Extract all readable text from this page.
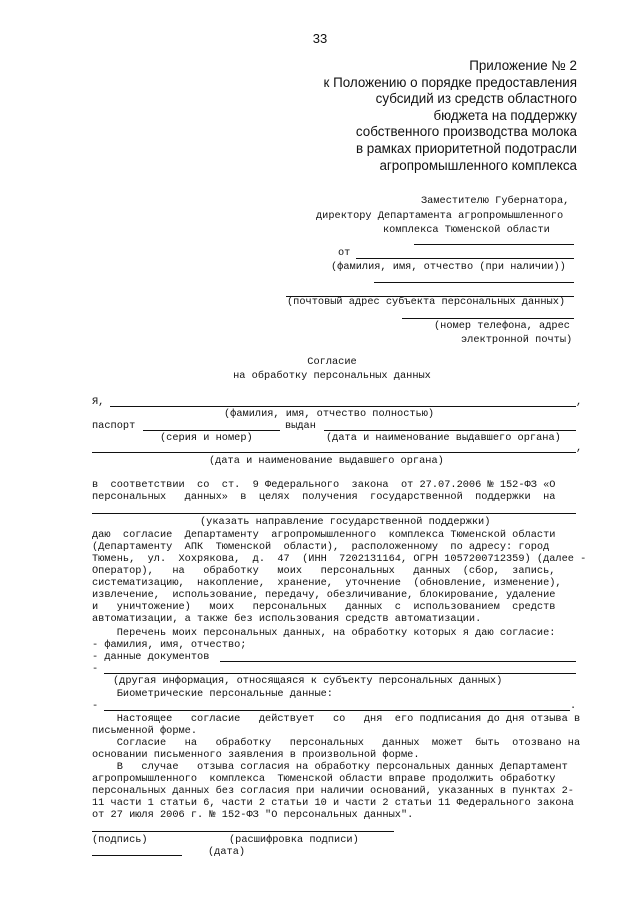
33
Приложение № 2
к Положению о порядке предоставления
субсидий из средств областного
бюджета на поддержку
собственного производства молока
в рамках приоритетной подотрасли
агропромышленного комплекса
Заместителю Губернатора,
директору Департамента агропромышленного
комплекса Тюменской области
от
(фамилия, имя, отчество (при наличии))
(почтовый адрес субъекта персональных данных)
(номер телефона, адрес
электронной почты)
Согласие
на обработку персональных данных
Я,	,
(фамилия, имя, отчество полностью)
паспорт	выдан
(серия и номер)	(дата и наименование выдавшего органа)
,
(дата и наименование выдавшего органа)
в  соответствии  со  ст.  9 Федерального  закона  от 27.07.2006 № 152-ФЗ «О
персональных   данных»  в  целях  получения  государственной  поддержки  на
(указать направление государственной поддержки)
даю  согласие  Департаменту  агропромышленного  комплекса Тюменской области
(Департаменту  АПК  Тюменской  области),  расположенному  по адресу: город
Тюмень,  ул.  Хохрякова,  д.  47  (ИНН  7202131164, ОГРН 1057200712359) (далее -
Оператор),   на   обработку   моих   персональных   данных  (сбор,  запись,
систематизацию,  накопление,  хранение,  уточнение  (обновление, изменение),
извлечение,  использование, передачу, обезличивание, блокирование, удаление
и   уничтожение)   моих   персональных   данных  с  использованием  средств
автоматизации, а также без использования средств автоматизации.
Перечень моих персональных данных, на обработку которых я даю согласие:
- фамилия, имя, отчество;
- данные документов
-
(другая информация, относящаяся к субъекту персональных данных)
Биометрические персональные данные:
-	.
Настоящее   согласие   действует   со   дня  его подписания до дня отзыва в
письменной форме.
Согласие   на   обработку   персональных   данных  может  быть  отозвано на
основании письменного заявления в произвольной форме.
В   случае   отзыва согласия на обработку персональных данных Департамент
агропромышленного  комплекса  Тюменской области вправе продолжить обработку
персональных данных без согласия при наличии оснований, указанных в пунктах 2-
11 части 1 статьи 6, части 2 статьи 10 и части 2 статьи 11 Федерального закона
от 27 июля 2006 г. № 152-ФЗ "О персональных данных".
(подпись)	(расшифровка подписи)
(дата)
